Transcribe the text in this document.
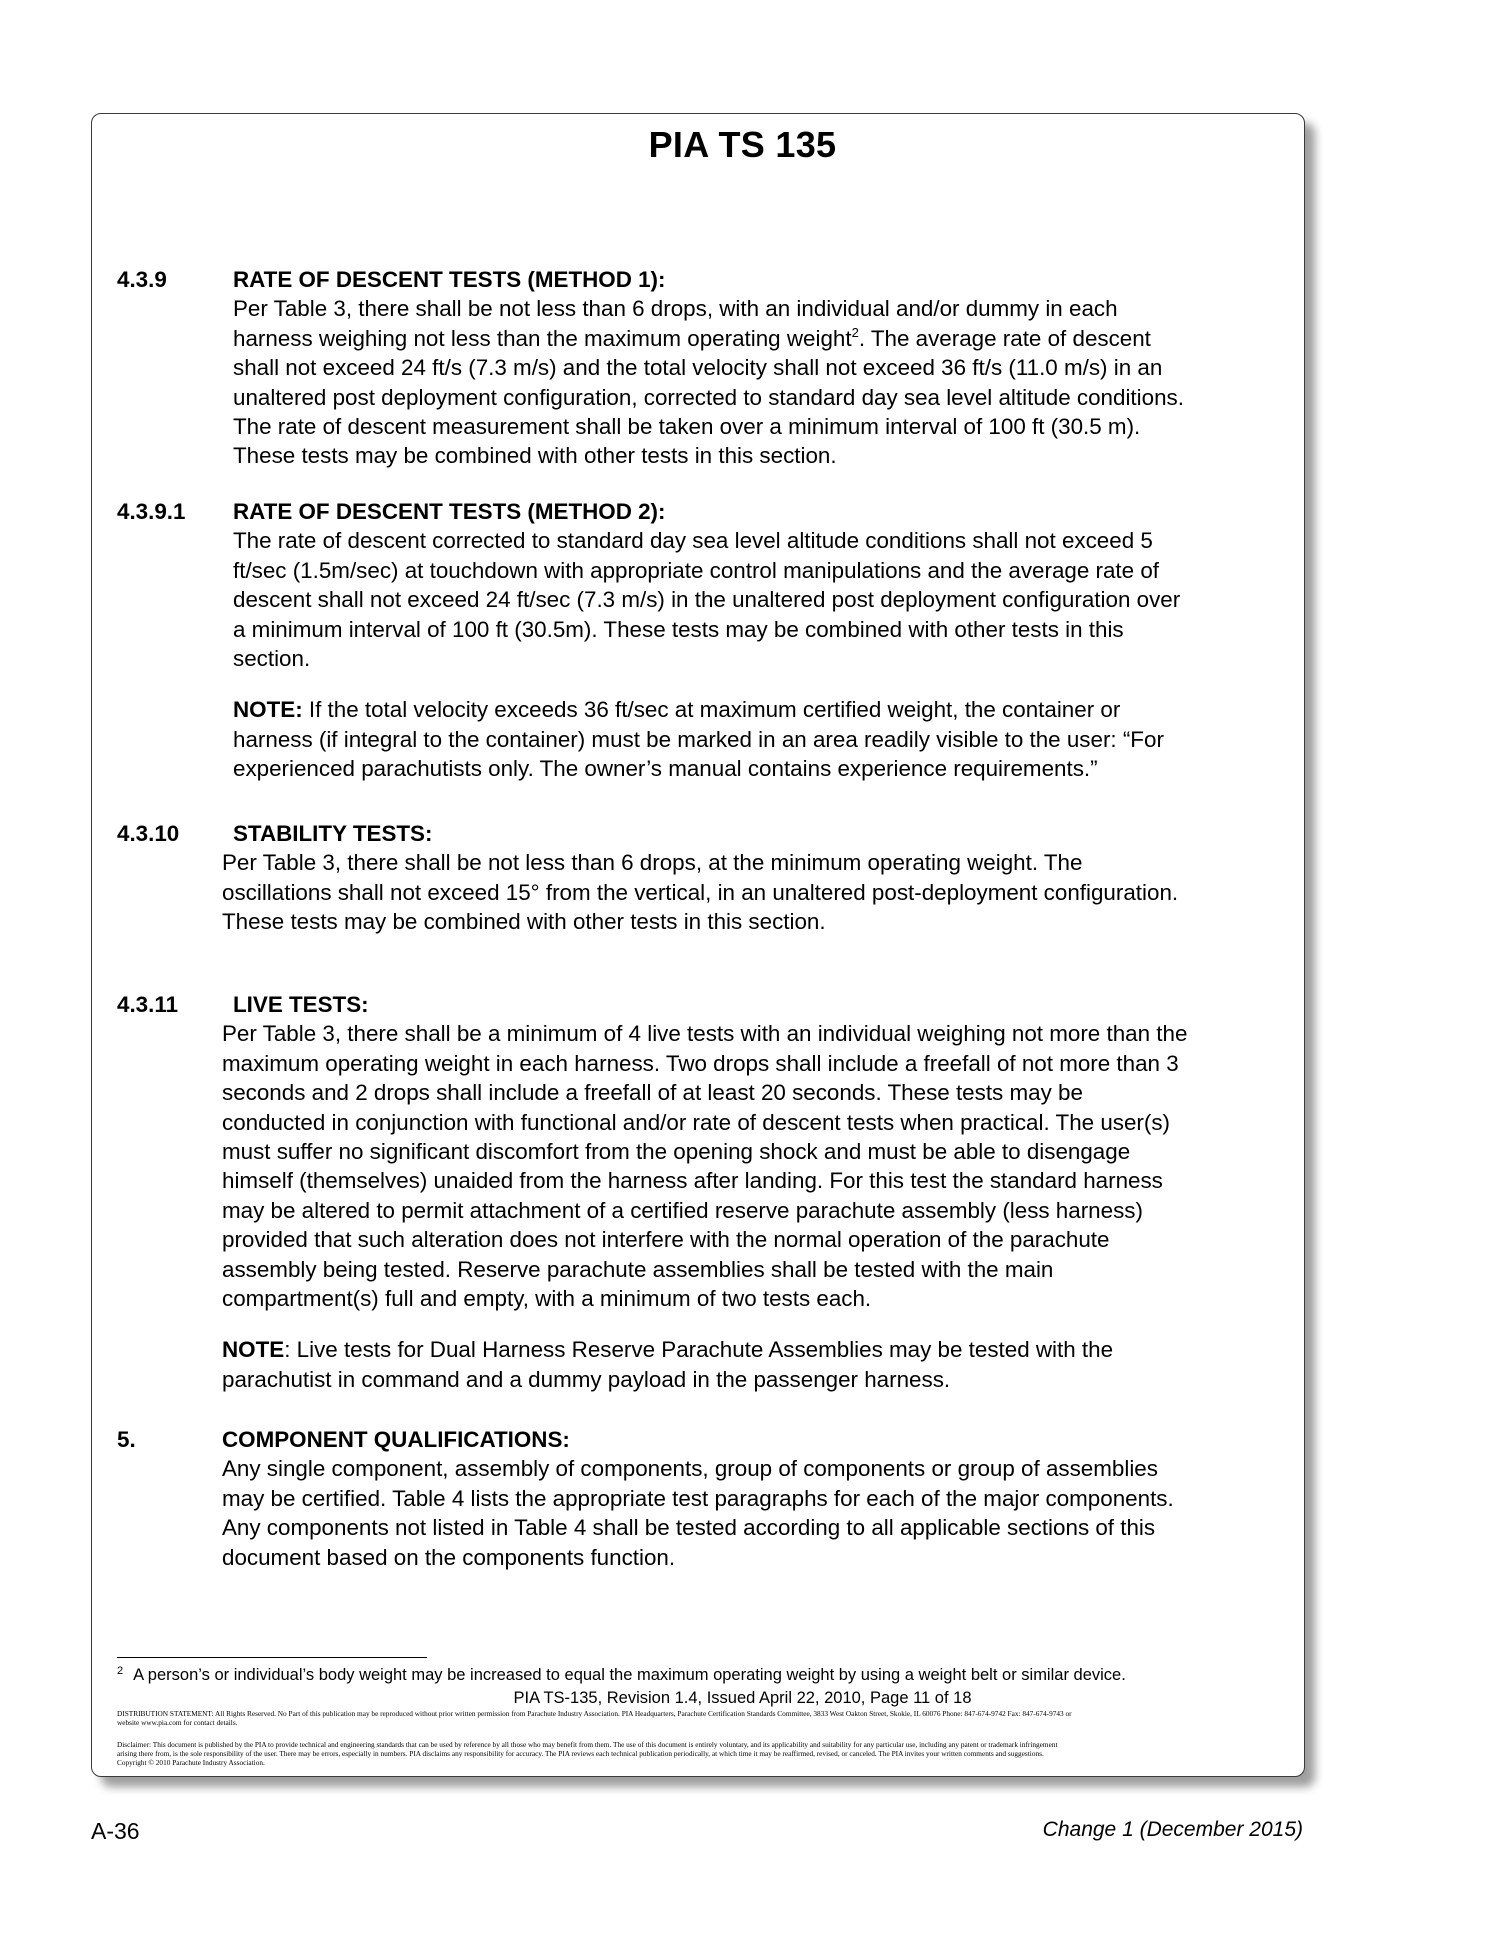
PIA TS 135
4.3.9	RATE OF DESCENT TESTS (METHOD 1):
Per Table 3, there shall be not less than 6 drops, with an individual and/or dummy in each
harness weighing not less than the maximum operating weight$^2$. The average rate of descent
shall not exceed 24 ft/s (7.3 m/s) and the total velocity shall not exceed 36 ft/s (11.0 m/s) in an
unaltered post deployment configuration, corrected to standard day sea level altitude conditions.
The rate of descent measurement shall be taken over a minimum interval of 100 ft (30.5 m).
These tests may be combined with other tests in this section.
4.3.9.1 RATE OF DESCENT TESTS (METHOD 2):
The rate of descent corrected to standard day sea level altitude conditions shall not exceed 5
ft/sec (1.5m/sec) at touchdown with appropriate control manipulations and the average rate of
descent shall not exceed 24 ft/sec (7.3 m/s) in the unaltered post deployment configuration over
a minimum interval of 100 ft (30.5m). These tests may be combined with other tests in this
section.
NOTE: If the total velocity exceeds 36 ft/sec at maximum certified weight, the container or
harness (if integral to the container) must be marked in an area readily visible to the user: “For
experienced parachutists only. The owner’s manual contains experience requirements.”
4.3.10 STABILITY TESTS:
Per Table 3, there shall be not less than 6 drops, at the minimum operating weight. The
oscillations shall not exceed 15° from the vertical, in an unaltered post-deployment configuration.
These tests may be combined with other tests in this section.
4.3.11 LIVE TESTS:
Per Table 3, there shall be a minimum of 4 live tests with an individual weighing not more than the
maximum operating weight in each harness. Two drops shall include a freefall of not more than 3
seconds and 2 drops shall include a freefall of at least 20 seconds. These tests may be
conducted in conjunction with functional and/or rate of descent tests when practical. The user(s)
must suffer no significant discomfort from the opening shock and must be able to disengage
himself (themselves) unaided from the harness after landing. For this test the standard harness
may be altered to permit attachment of a certified reserve parachute assembly (less harness)
provided that such alteration does not interfere with the normal operation of the parachute
assembly being tested. Reserve parachute assemblies shall be tested with the main
compartment(s) full and empty, with a minimum of two tests each.
NOTE: Live tests for Dual Harness Reserve Parachute Assemblies may be tested with the
parachutist in command and a dummy payload in the passenger harness.
5.	COMPONENT QUALIFICATIONS:
Any single component, assembly of components, group of components or group of assemblies
may be certified. Table 4 lists the appropriate test paragraphs for each of the major components.
Any components not listed in Table 4 shall be tested according to all applicable sections of this
document based on the components function.
$^2$ A person’s or individual’s body weight may be increased to equal the maximum operating weight by using a weight belt or similar device.
PIA TS-135, Revision 1.4, Issued April 22, 2010, Page 11 of 18
DISTRIBUTION STATEMENT: All Rights Reserved. No Part of this publication may be reproduced without prior written permission from Parachute Industry Association. PIA Headquarters, Parachute Certification Standards Committee, 3833 West Oakton Street, Skokie, IL 60076 Phone: 847-674-9742 Fax: 847-674-9743 or
website www.pia.com for contact details.
Disclaimer: This document is published by the PIA to provide technical and engineering standards that can be used by reference by all those who may benefit from them. The use of this document is entirely voluntary, and its applicability and suitability for any particular use, including any patent or trademark infringement
arising there from, is the sole responsibility of the user. There may be errors, especially in numbers. PIA disclaims any responsibility for accuracy. The PIA reviews each technical publication periodically, at which time it may be reaffirmed, revised, or canceled. The PIA invites your written comments and suggestions.
Copyright © 2010 Parachute Industry Association.
A-36	Change 1 (December 2015)
